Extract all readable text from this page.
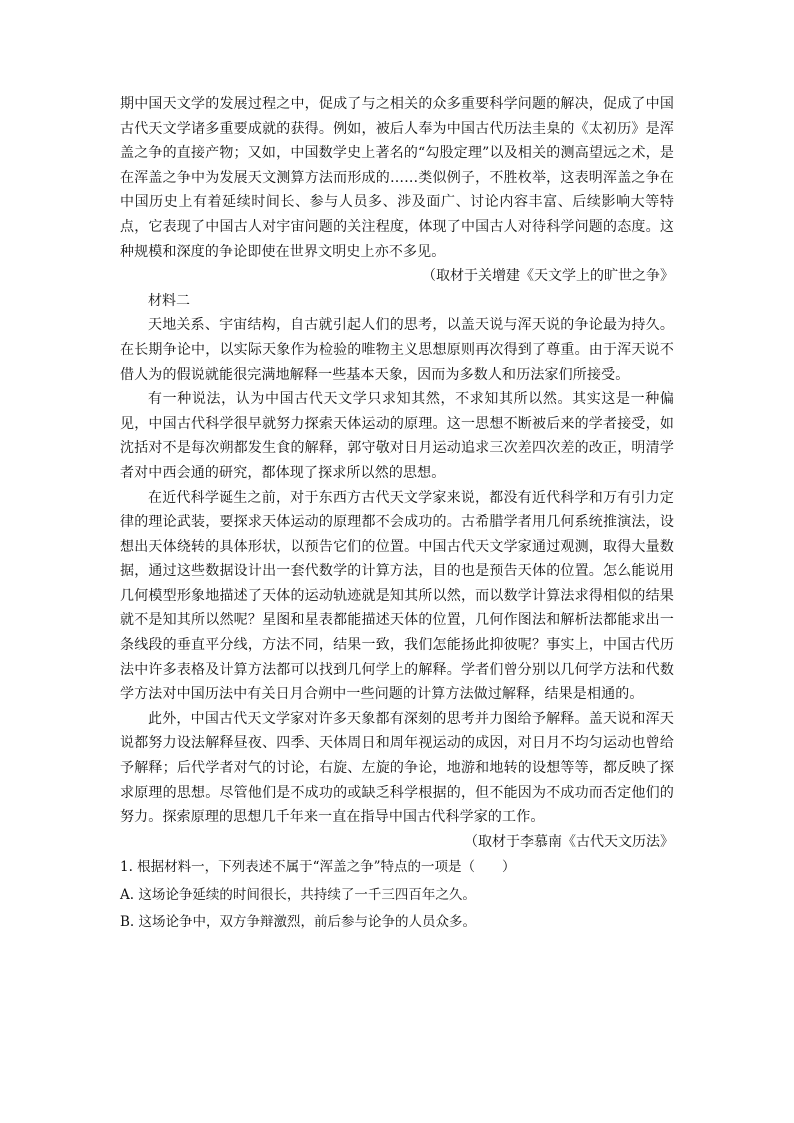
期中国天文学的发展过程之中，促成了与之相关的众多重要科学问题的解决，促成了中国古代天文学诸多重要成就的获得。例如，被后人奉为中国古代历法圭臬的《太初历》是浑盖之争的直接产物；又如，中国数学史上著名的“勾股定理”以及相关的测高望远之术，是在浑盖之争中为发展天文测算方法而形成的……类似例子，不胜枚举，这表明浑盖之争在中国历史上有着延续时间长、参与人员多、涉及面广、讨论内容丰富、后续影响大等特点，它表现了中国古人对宇宙问题的关注程度，体现了中国古人对待科学问题的态度。这种规模和深度的争论即使在世界文明史上亦不多见。

（取材于关增建《天文学上的旷世之争》

材料二

天地关系、宇宙结构，自古就引起人们的思考，以盖天说与浑天说的争论最为持久。在长期争论中，以实际天象作为检验的唯物主义思想原则再次得到了尊重。由于浑天说不借人为的假说就能很完满地解释一些基本天象，因而为多数人和历法家们所接受。

有一种说法，认为中国古代天文学只求知其然，不求知其所以然。其实这是一种偏见，中国古代科学很早就努力探索天体运动的原理。这一思想不断被后来的学者接受，如沈括对不是每次朔都发生食的解释，郭守敬对日月运动追求三次差四次差的改正，明清学者对中西会通的研究，都体现了探求所以然的思想。

在近代科学诞生之前，对于东西方古代天文学家来说，都没有近代科学和万有引力定律的理论武装，要探求天体运动的原理都不会成功的。古希腊学者用几何系统推演法，设想出天体绕转的具体形状，以预告它们的位置。中国古代天文学家通过观测，取得大量数据，通过这些数据设计出一套代数学的计算方法，目的也是预告天体的位置。怎么能说用几何模型形象地描述了天体的运动轨迹就是知其所以然，而以数学计算法求得相似的结果就不是知其所以然呢？星图和星表都能描述天体的位置，几何作图法和解析法都能求出一条线段的垂直平分线，方法不同，结果一致，我们怎能扬此抑彼呢？事实上，中国古代历法中许多表格及计算方法都可以找到几何学上的解释。学者们曾分别以几何学方法和代数学方法对中国历法中有关日月合朔中一些问题的计算方法做过解释，结果是相通的。

此外，中国古代天文学家对许多天象都有深刻的思考并力图给予解释。盖天说和浑天说都努力设法解释昼夜、四季、天体周日和周年视运动的成因，对日月不均匀运动也曾给予解释；后代学者对气的讨论，右旋、左旋的争论，地游和地转的设想等等，都反映了探求原理的思想。尽管他们是不成功的或缺乏科学根据的，但不能因为不成功而否定他们的努力。探索原理的思想几千年来一直在指导中国古代科学家的工作。

（取材于李慕南《古代天文历法》

1. 根据材料一，下列表述不属于“浑盖之争”特点的一项是（　　）

A. 这场论争延续的时间很长，共持续了一千三四百年之久。

B. 这场论争中，双方争辩激烈，前后参与论争的人员众多。
